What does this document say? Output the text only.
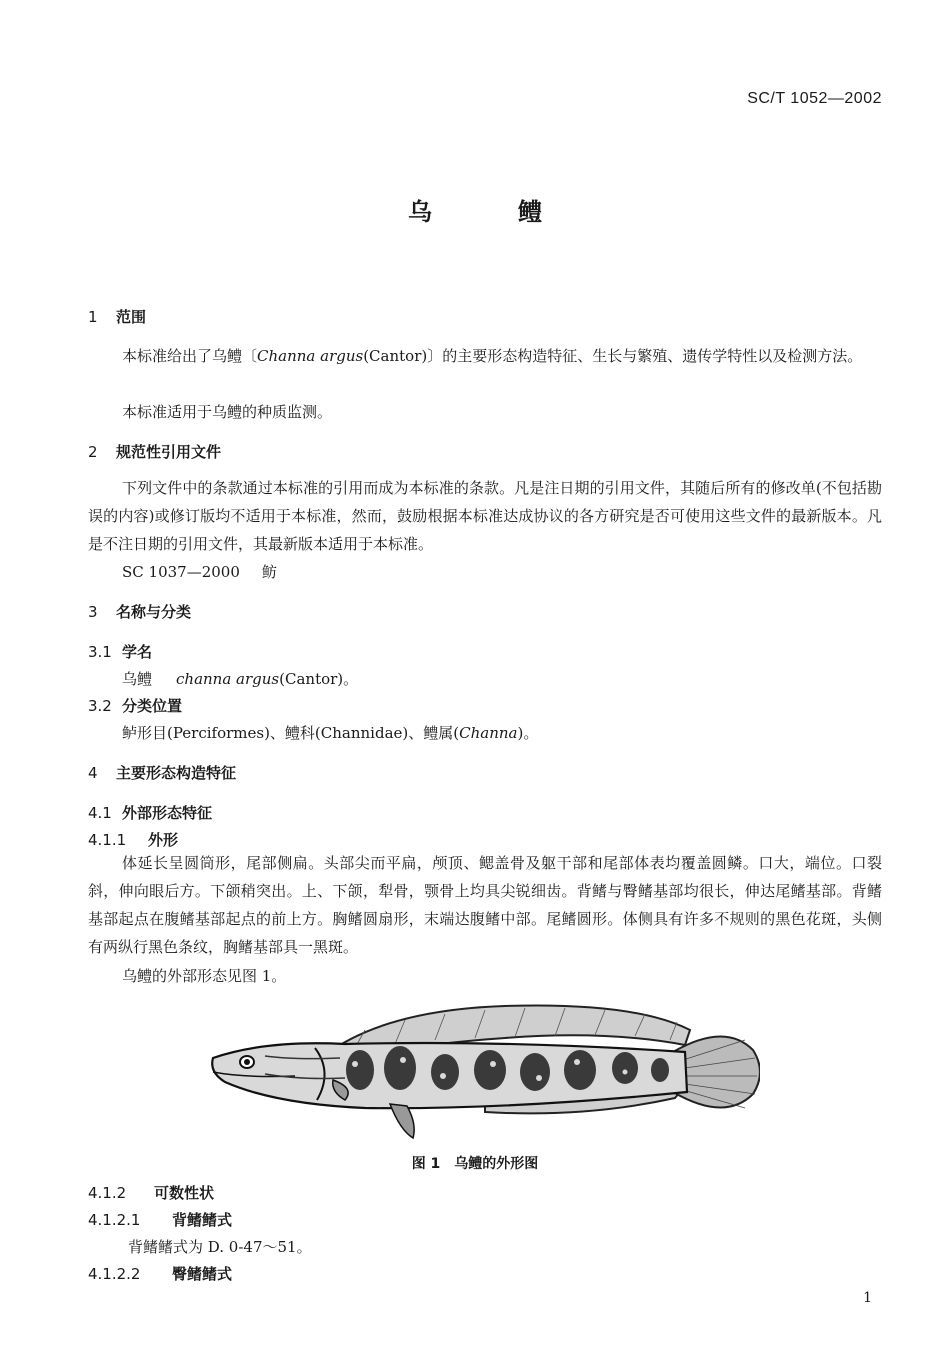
SC/T 1052—2002
乌	鳢
1 范围
本标准给出了乌鳢〔Channa argus(Cantor)〕的主要形态构造特征、生长与繁殖、遗传学特性以及检测方法。
本标准适用于乌鳢的种质监测。
2 规范性引用文件
下列文件中的条款通过本标准的引用而成为本标准的条款。凡是注日期的引用文件，其随后所有的修改单(不包括勘误的内容)或修订版均不适用于本标准，然而，鼓励根据本标准达成协议的各方研究是否可使用这些文件的最新版本。凡是不注日期的引用文件，其最新版本适用于本标准。
SC 1037—2000 鲂
3 名称与分类
3.1 学名
乌鳢 channa argus(Cantor)。
3.2 分类位置
鲈形目(Perciformes)、鳢科(Channidae)、鳢属(Channa)。
4 主要形态构造特征
4.1 外部形态特征
4.1.1 外形
体延长呈圆筒形，尾部侧扁。头部尖而平扁，颅顶、鳃盖骨及躯干部和尾部体表均覆盖圆鳞。口大，端位。口裂斜，伸向眼后方。下颌稍突出。上、下颌，犁骨，颚骨上均具尖锐细齿。背鳍与臀鳍基部均很长，伸达尾鳍基部。背鳍基部起点在腹鳍基部起点的前上方。胸鳍圆扇形，末端达腹鳍中部。尾鳍圆形。体侧具有许多不规则的黑色花斑，头侧有两纵行黑色条纹，胸鳍基部具一黑斑。
乌鳢的外部形态见图 1。
图 1　乌鳢的外形图
4.1.2 可数性状
4.1.2.1 背鳍鳍式
背鳍鳍式为 D. 0-47～51。
4.1.2.2 臀鳍鳍式
1
